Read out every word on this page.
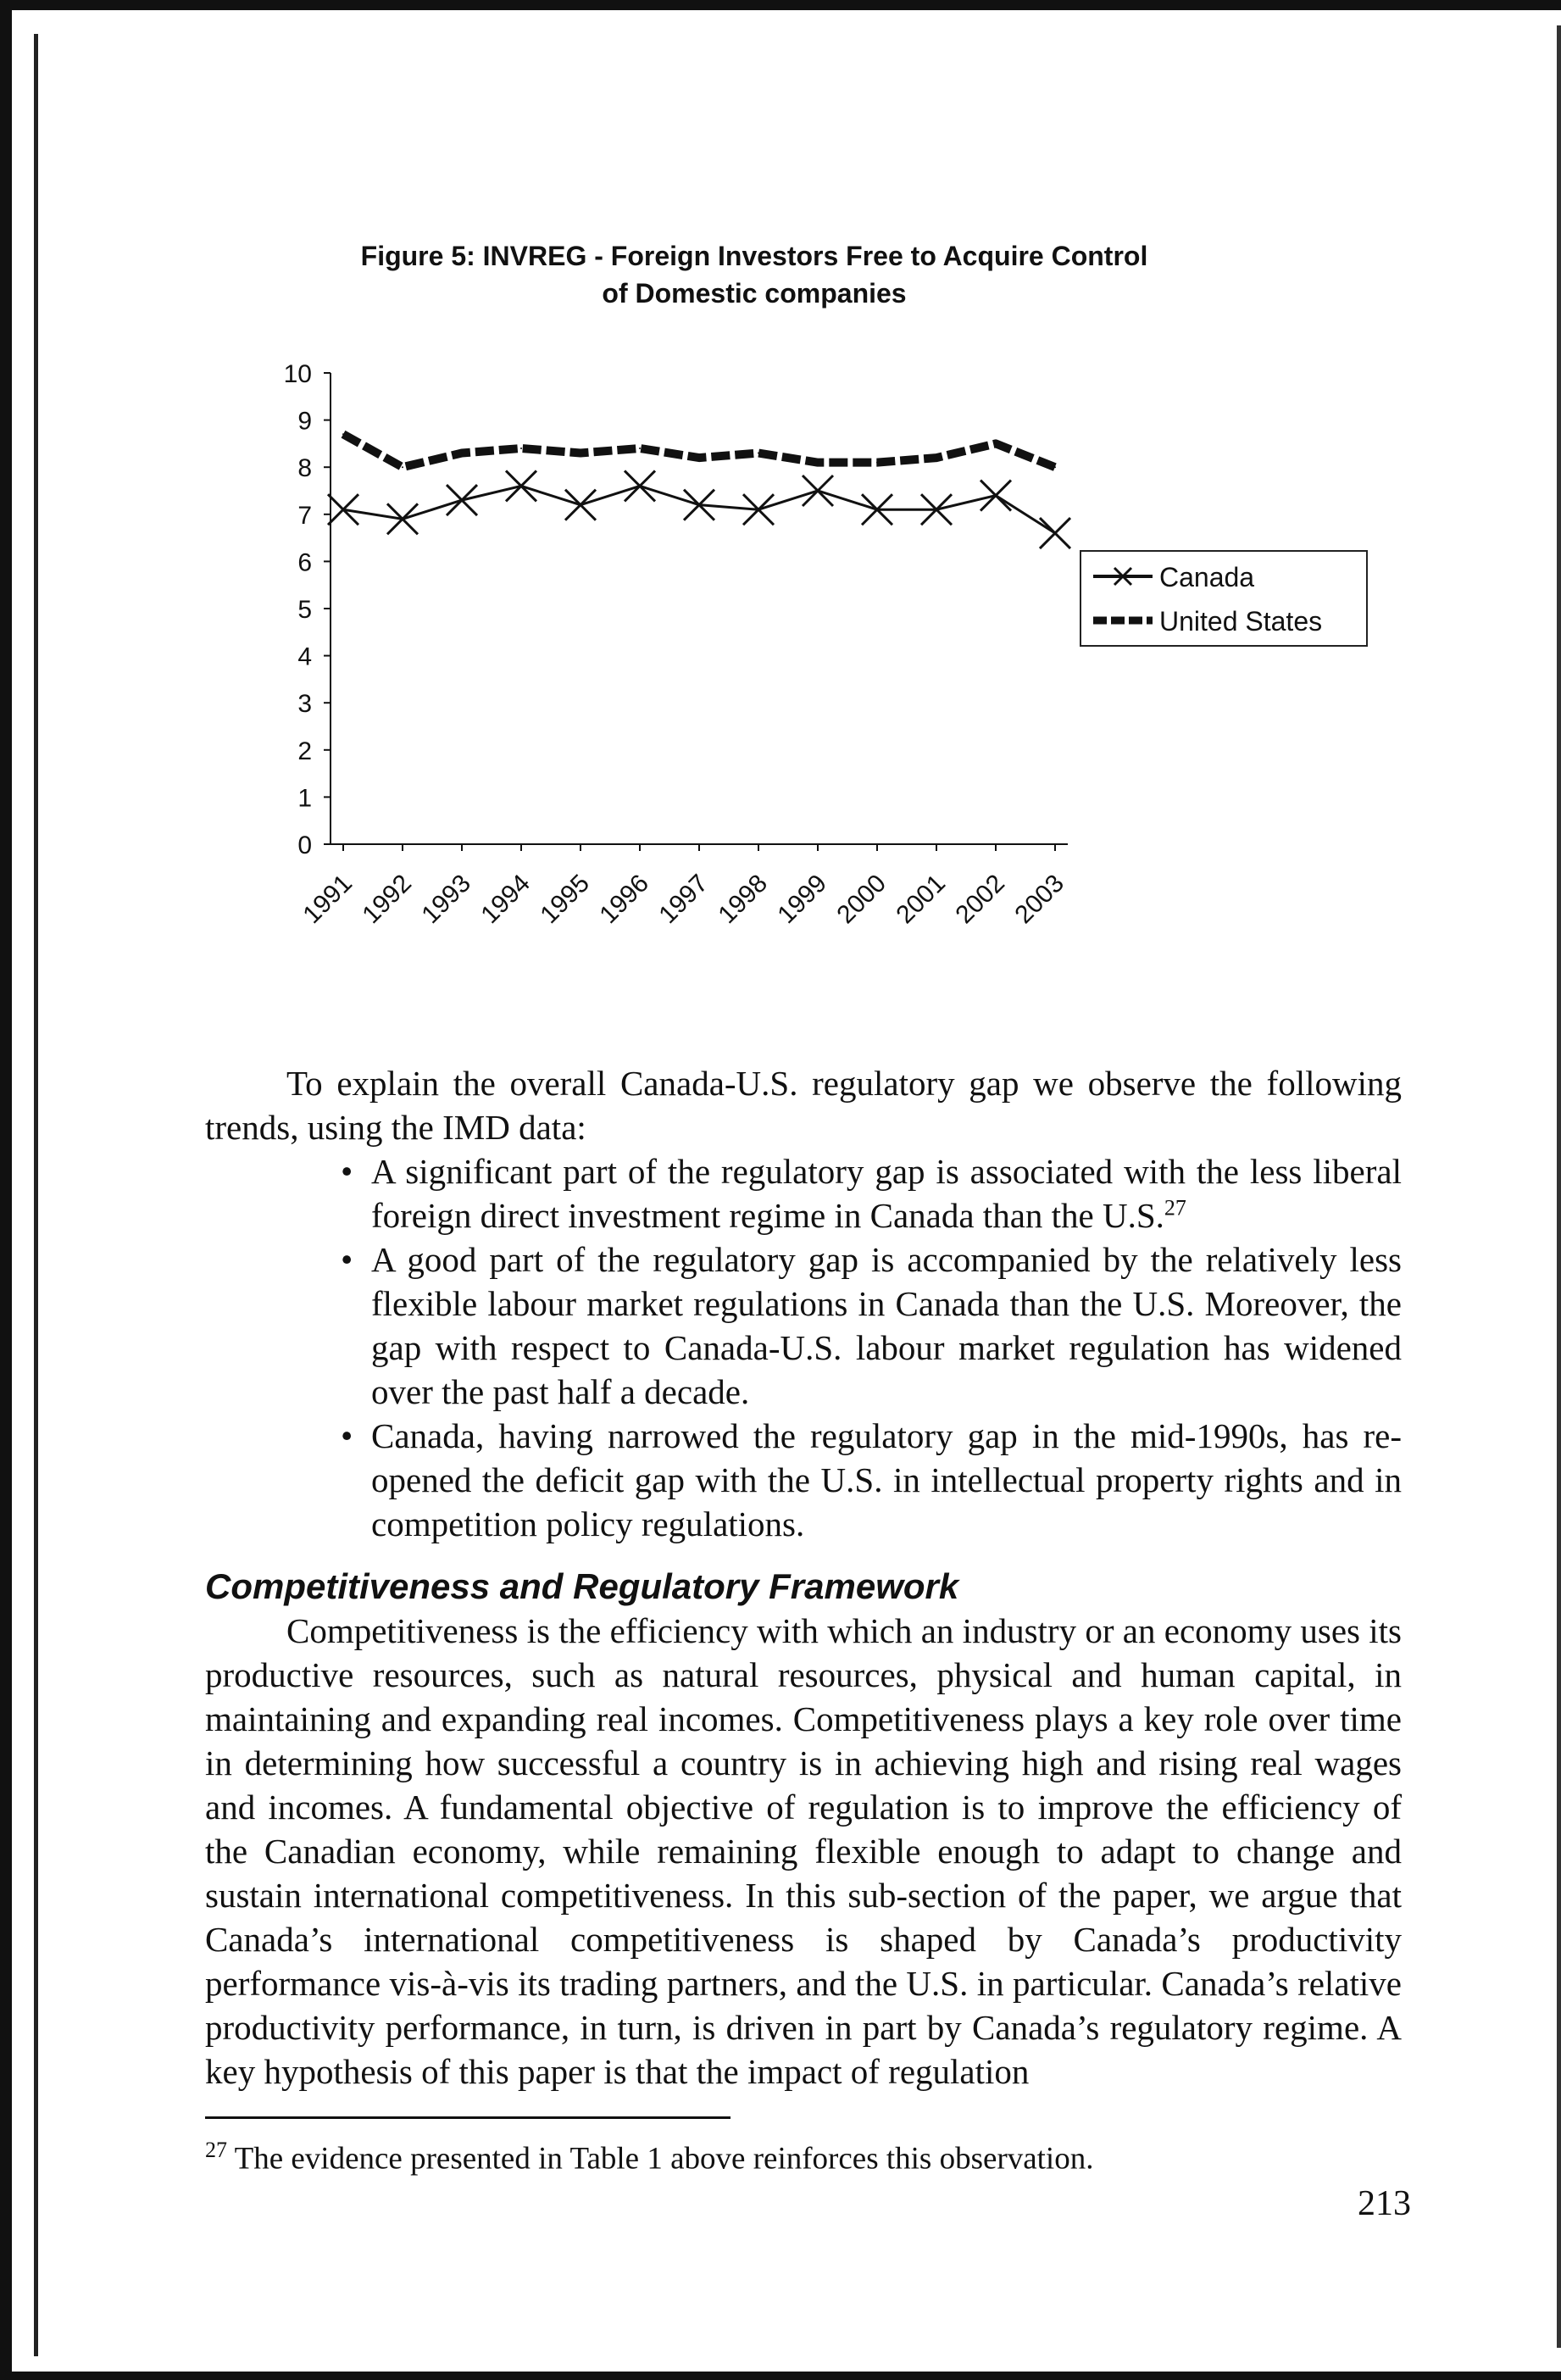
Figure 5: INVREG - Foreign Investors Free to Acquire Control
of Domestic companies
0
1
2
3
4
5
6
7
8
9
10
1991 1992 1993 1994 1995 1996 1997 1998 1999 2000 2001 2002 2003
Canada
United States

To explain the overall Canada-U.S. regulatory gap we observe the following trends, using the IMD data:

• A significant part of the regulatory gap is associated with the less liberal foreign direct investment regime in Canada than the U.S.$^{27}$
• A good part of the regulatory gap is accompanied by the relatively less flexible labour market regulations in Canada than the U.S. Moreover, the gap with respect to Canada-U.S. labour market regulation has widened over the past half a decade.
• Canada, having narrowed the regulatory gap in the mid-1990s, has re-opened the deficit gap with the U.S. in intellectual property rights and in competition policy regulations.
Competitiveness and Regulatory Framework

Competitiveness is the efficiency with which an industry or an economy uses its productive resources, such as natural resources, physical and human capital, in maintaining and expanding real incomes. Competitiveness plays a key role over time in determining how successful a country is in achieving high and rising real wages and incomes. A fundamental objective of regulation is to improve the efficiency of the Canadian economy, while remaining flexible enough to adapt to change and sustain international competitiveness. In this sub-section of the paper, we argue that Canada’s international competitiveness is shaped by Canada’s productivity performance vis-à-vis its trading partners, and the U.S. in particular. Canada’s relative productivity performance, in turn, is driven in part by Canada’s regulatory regime. A key hypothesis of this paper is that the impact of regulation

$^{27}$ The evidence presented in Table 1 above reinforces this observation.
213
